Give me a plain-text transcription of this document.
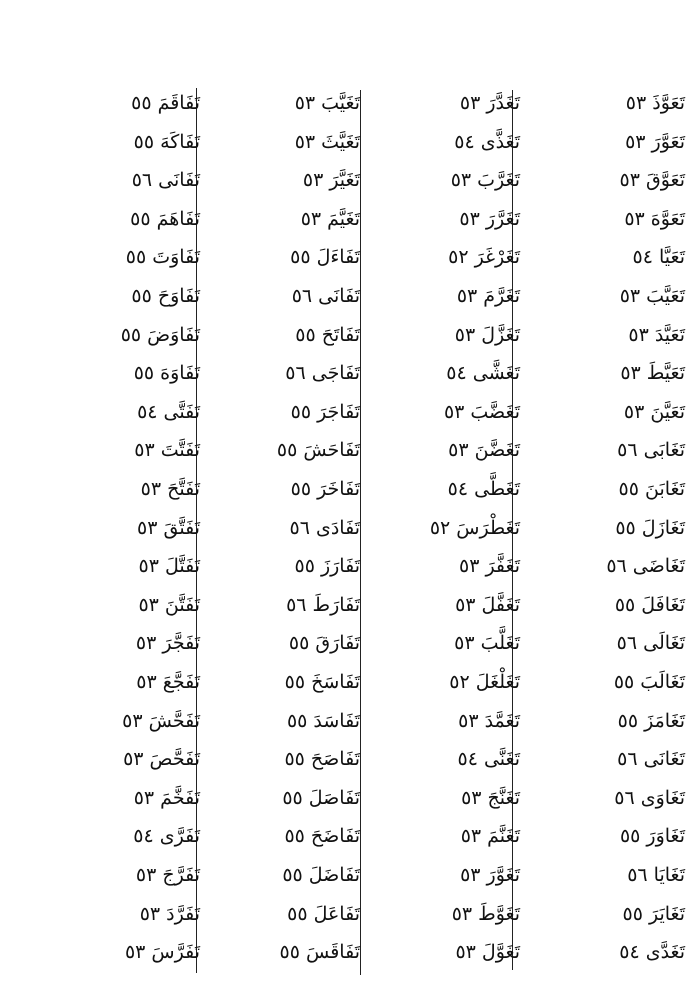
تَعَوَّذَ ٥٣
تَعَوَّرَ ٥٣
تَعَوَّقَ ٥٣
تَعَوَّهَ ٥٣
تَعَيَّا ٥٤
تَعَيَّبَ ٥٣
تَعَيَّدَ ٥٣
تَعَيَّطَ ٥٣
تَعَيَّنَ ٥٣
تَغَابَى ٥٦
تَغَابَنَ ٥٥
تَغَازَلَ ٥٥
تَغَاضَى ٥٦
تَغَافَلَ ٥٥
تَغَالَى ٥٦
تَغَالَبَ ٥٥
تَغَامَزَ ٥٥
تَغَانَى ٥٦
تَغَاوَى ٥٦
تَغَاوَرَ ٥٥
تَغَايَا ٥٦
تَغَايَرَ ٥٥
تَغَدَّى ٥٤
تَغَدَّرَ ٥٣
تَغَذَّى ٥٤
تَغَرَّبَ ٥٣
تَغَرَّرَ ٥٣
تَغَرْغَرَ ٥٢
تَغَرَّمَ ٥٣
تَغَزَّلَ ٥٣
تَغَشَّى ٥٤
تَغَضَّبَ ٥٣
تَغَضَّنَ ٥٣
تَغَطَّى ٥٤
تَغَطْرَسَ ٥٢
تَغَفَّرَ ٥٣
تَغَفَّلَ ٥٣
تَغَلَّبَ ٥٣
تَغَلْغَلَ ٥٢
تَغَمَّدَ ٥٣
تَغَنَّى ٥٤
تَغَنَّجَ ٥٣
تَغَنَّمَ ٥٣
تَغَوَّرَ ٥٣
تَغَوَّطَ ٥٣
تَغَوَّلَ ٥٣
تَغَيَّبَ ٥٣
تَغَيَّثَ ٥٣
تَغَيَّرَ ٥٣
تَغَيَّمَ ٥٣
تَفَاءَلَ ٥٥
تَفَانَى ٥٦
تَفَاتَحَ ٥٥
تَفَاجَى ٥٦
تَفَاجَرَ ٥٥
تَفَاحَشَ ٥٥
تَفَاخَرَ ٥٥
تَفَادَى ٥٦
تَفَارَزَ ٥٥
تَفَارَطَ ٥٦
تَفَارَقَ ٥٥
تَفَاسَخَ ٥٥
تَفَاسَدَ ٥٥
تَفَاصَحَ ٥٥
تَفَاصَلَ ٥٥
تَفَاضَحَ ٥٥
تَفَاضَلَ ٥٥
تَفَاعَلَ ٥٥
تَفَاقَسَ ٥٥
تَفَاقَمَ ٥٥
تَفَاكَهَ ٥٥
تَفَانَى ٥٦
تَفَاهَمَ ٥٥
تَفَاوَتَ ٥٥
تَفَاوَحَ ٥٥
تَفَاوَضَ ٥٥
تَفَاوَهَ ٥٥
تَفَتَّى ٥٤
تَفَتَّتَ ٥٣
تَفَتَّحَ ٥٣
تَفَتَّقَ ٥٣
تَفَتَّلَ ٥٣
تَفَتَّنَ ٥٣
تَفَجَّرَ ٥٣
تَفَجَّعَ ٥٣
تَفَحَّشَ ٥٣
تَفَحَّصَ ٥٣
تَفَخَّمَ ٥٣
تَفَرَّى ٥٤
تَفَرَّجَ ٥٣
تَفَرَّدَ ٥٣
تَفَرَّسَ ٥٣
